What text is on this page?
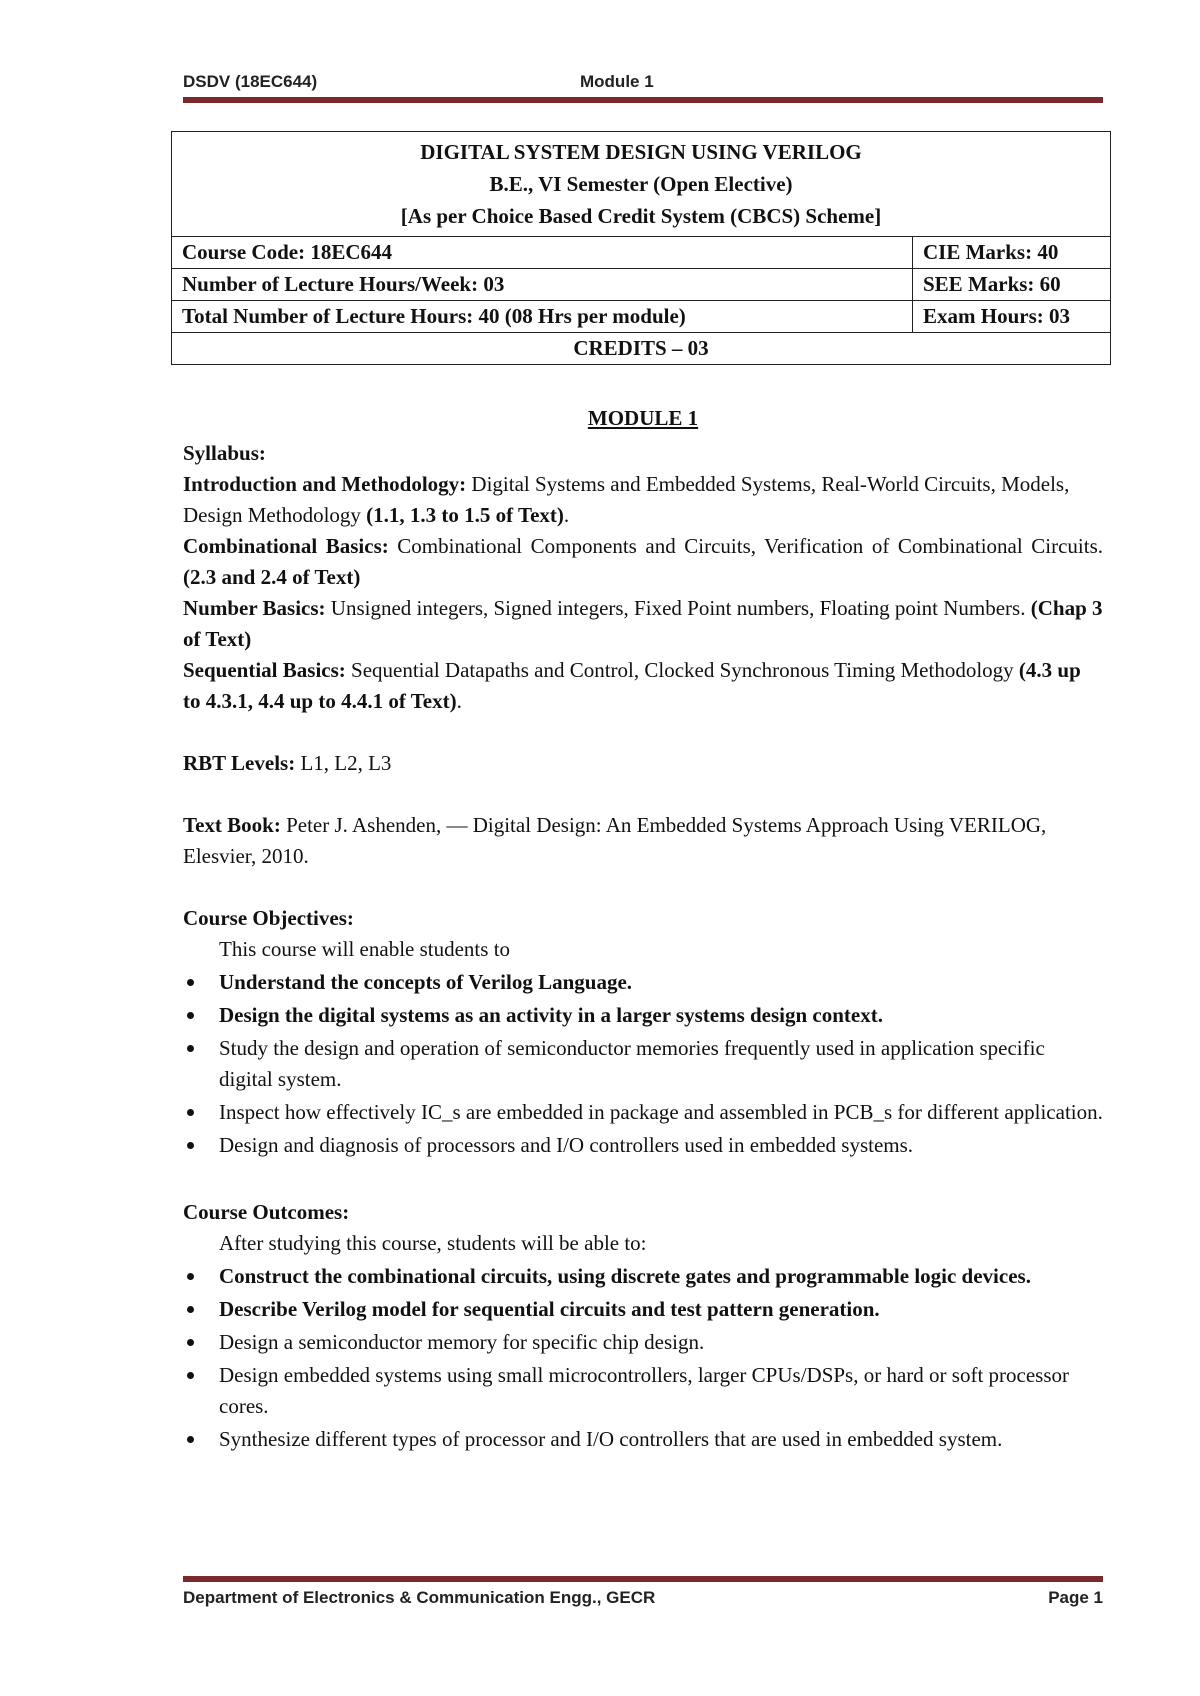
DSDV (18EC644)	Module 1
DIGITAL SYSTEM DESIGN USING VERILOG
B.E., VI Semester (Open Elective)
[As per Choice Based Credit System (CBCS) Scheme]	

Course Code: 18EC644	CIE Marks: 40
Number of Lecture Hours/Week: 03	SEE Marks: 60
Total Number of Lecture Hours: 40 (08 Hrs per module)	Exam Hours: 03
CREDITS – 03	

MODULE 1

Syllabus:

Introduction and Methodology: Digital Systems and Embedded Systems, Real-World Circuits, Models, Design Methodology (1.1, 1.3 to 1.5 of Text).

Combinational Basics: Combinational Components and Circuits, Verification of Combinational Circuits. (2.3 and 2.4 of Text)

Number Basics: Unsigned integers, Signed integers, Fixed Point numbers, Floating point Numbers. (Chap 3 of Text)

Sequential Basics: Sequential Datapaths and Control, Clocked Synchronous Timing Methodology (4.3 up to 4.3.1, 4.4 up to 4.4.1 of Text).

RBT Levels: L1, L2, L3

Text Book: Peter J. Ashenden, — Digital Design: An Embedded Systems Approach Using VERILOG, Elesvier, 2010.

Course Objectives:

This course will enable students to

Understand the concepts of Verilog Language.
Design the digital systems as an activity in a larger systems design context.
Study the design and operation of semiconductor memories frequently used in application specific digital system.
Inspect how effectively IC_s are embedded in package and assembled in PCB_s for different application.
Design and diagnosis of processors and I/O controllers used in embedded systems.

Course Outcomes:

After studying this course, students will be able to:

Construct the combinational circuits, using discrete gates and programmable logic devices.
Describe Verilog model for sequential circuits and test pattern generation.
Design a semiconductor memory for specific chip design.
Design embedded systems using small microcontrollers, larger CPUs/DSPs, or hard or soft processor cores.
Synthesize different types of processor and I/O controllers that are used in embedded system.
Department of Electronics & Communication Engg., GECR	Page 1
